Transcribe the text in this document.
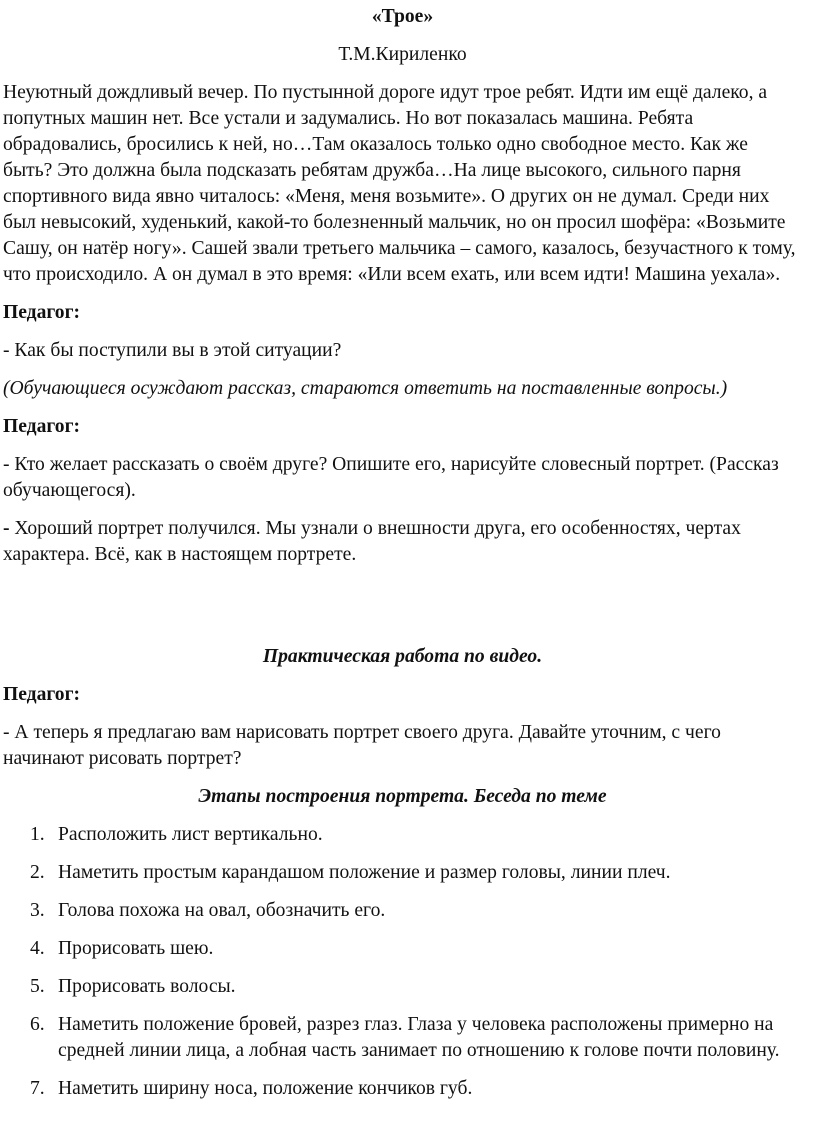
«Трое»

Т.М.Кириленко

Неуютный дождливый вечер. По пустынной дороге идут трое ребят. Идти им ещё далеко, а попутных машин нет. Все устали и задумались. Но вот показалась машина. Ребята обрадовались, бросились к ней, но…Там оказалось только одно свободное место. Как же быть? Это должна была подсказать ребятам дружба…На лице высокого, сильного парня спортивного вида явно читалось: «Меня, меня возьмите». О других он не думал. Среди них был невысокий, худенький, какой-то болезненный мальчик, но он просил шофёра: «Возьмите Сашу, он натёр ногу». Сашей звали третьего мальчика – самого, казалось, безучастного к тому, что происходило. А он думал в это время: «Или всем ехать, или всем идти! Машина уехала».

Педагог:

- Как бы поступили вы в этой ситуации?

(Обучающиеся осуждают рассказ, стараются ответить на поставленные вопросы.)

Педагог:

- Кто желает рассказать о своём друге? Опишите его, нарисуйте словесный портрет. (Рассказ обучающегося).

- Хороший портрет получился. Мы узнали о внешности друга, его особенностях, чертах характера. Всё, как в настоящем портрете.

Практическая работа по видео.

Педагог:

- А теперь я предлагаю вам нарисовать портрет своего друга. Давайте уточним, с чего начинают рисовать портрет?

Этапы построения портрета. Беседа по теме

1. Расположить лист вертикально.
2. Наметить простым карандашом положение и размер головы, линии плеч.
3. Голова похожа на овал, обозначить его.
4. Прорисовать шею.
5. Прорисовать волосы.
6. Наметить положение бровей, разрез глаз. Глаза у человека расположены примерно на средней линии лица, а лобная часть занимает по отношению к голове почти половину.
7. Наметить ширину носа, положение кончиков губ.
